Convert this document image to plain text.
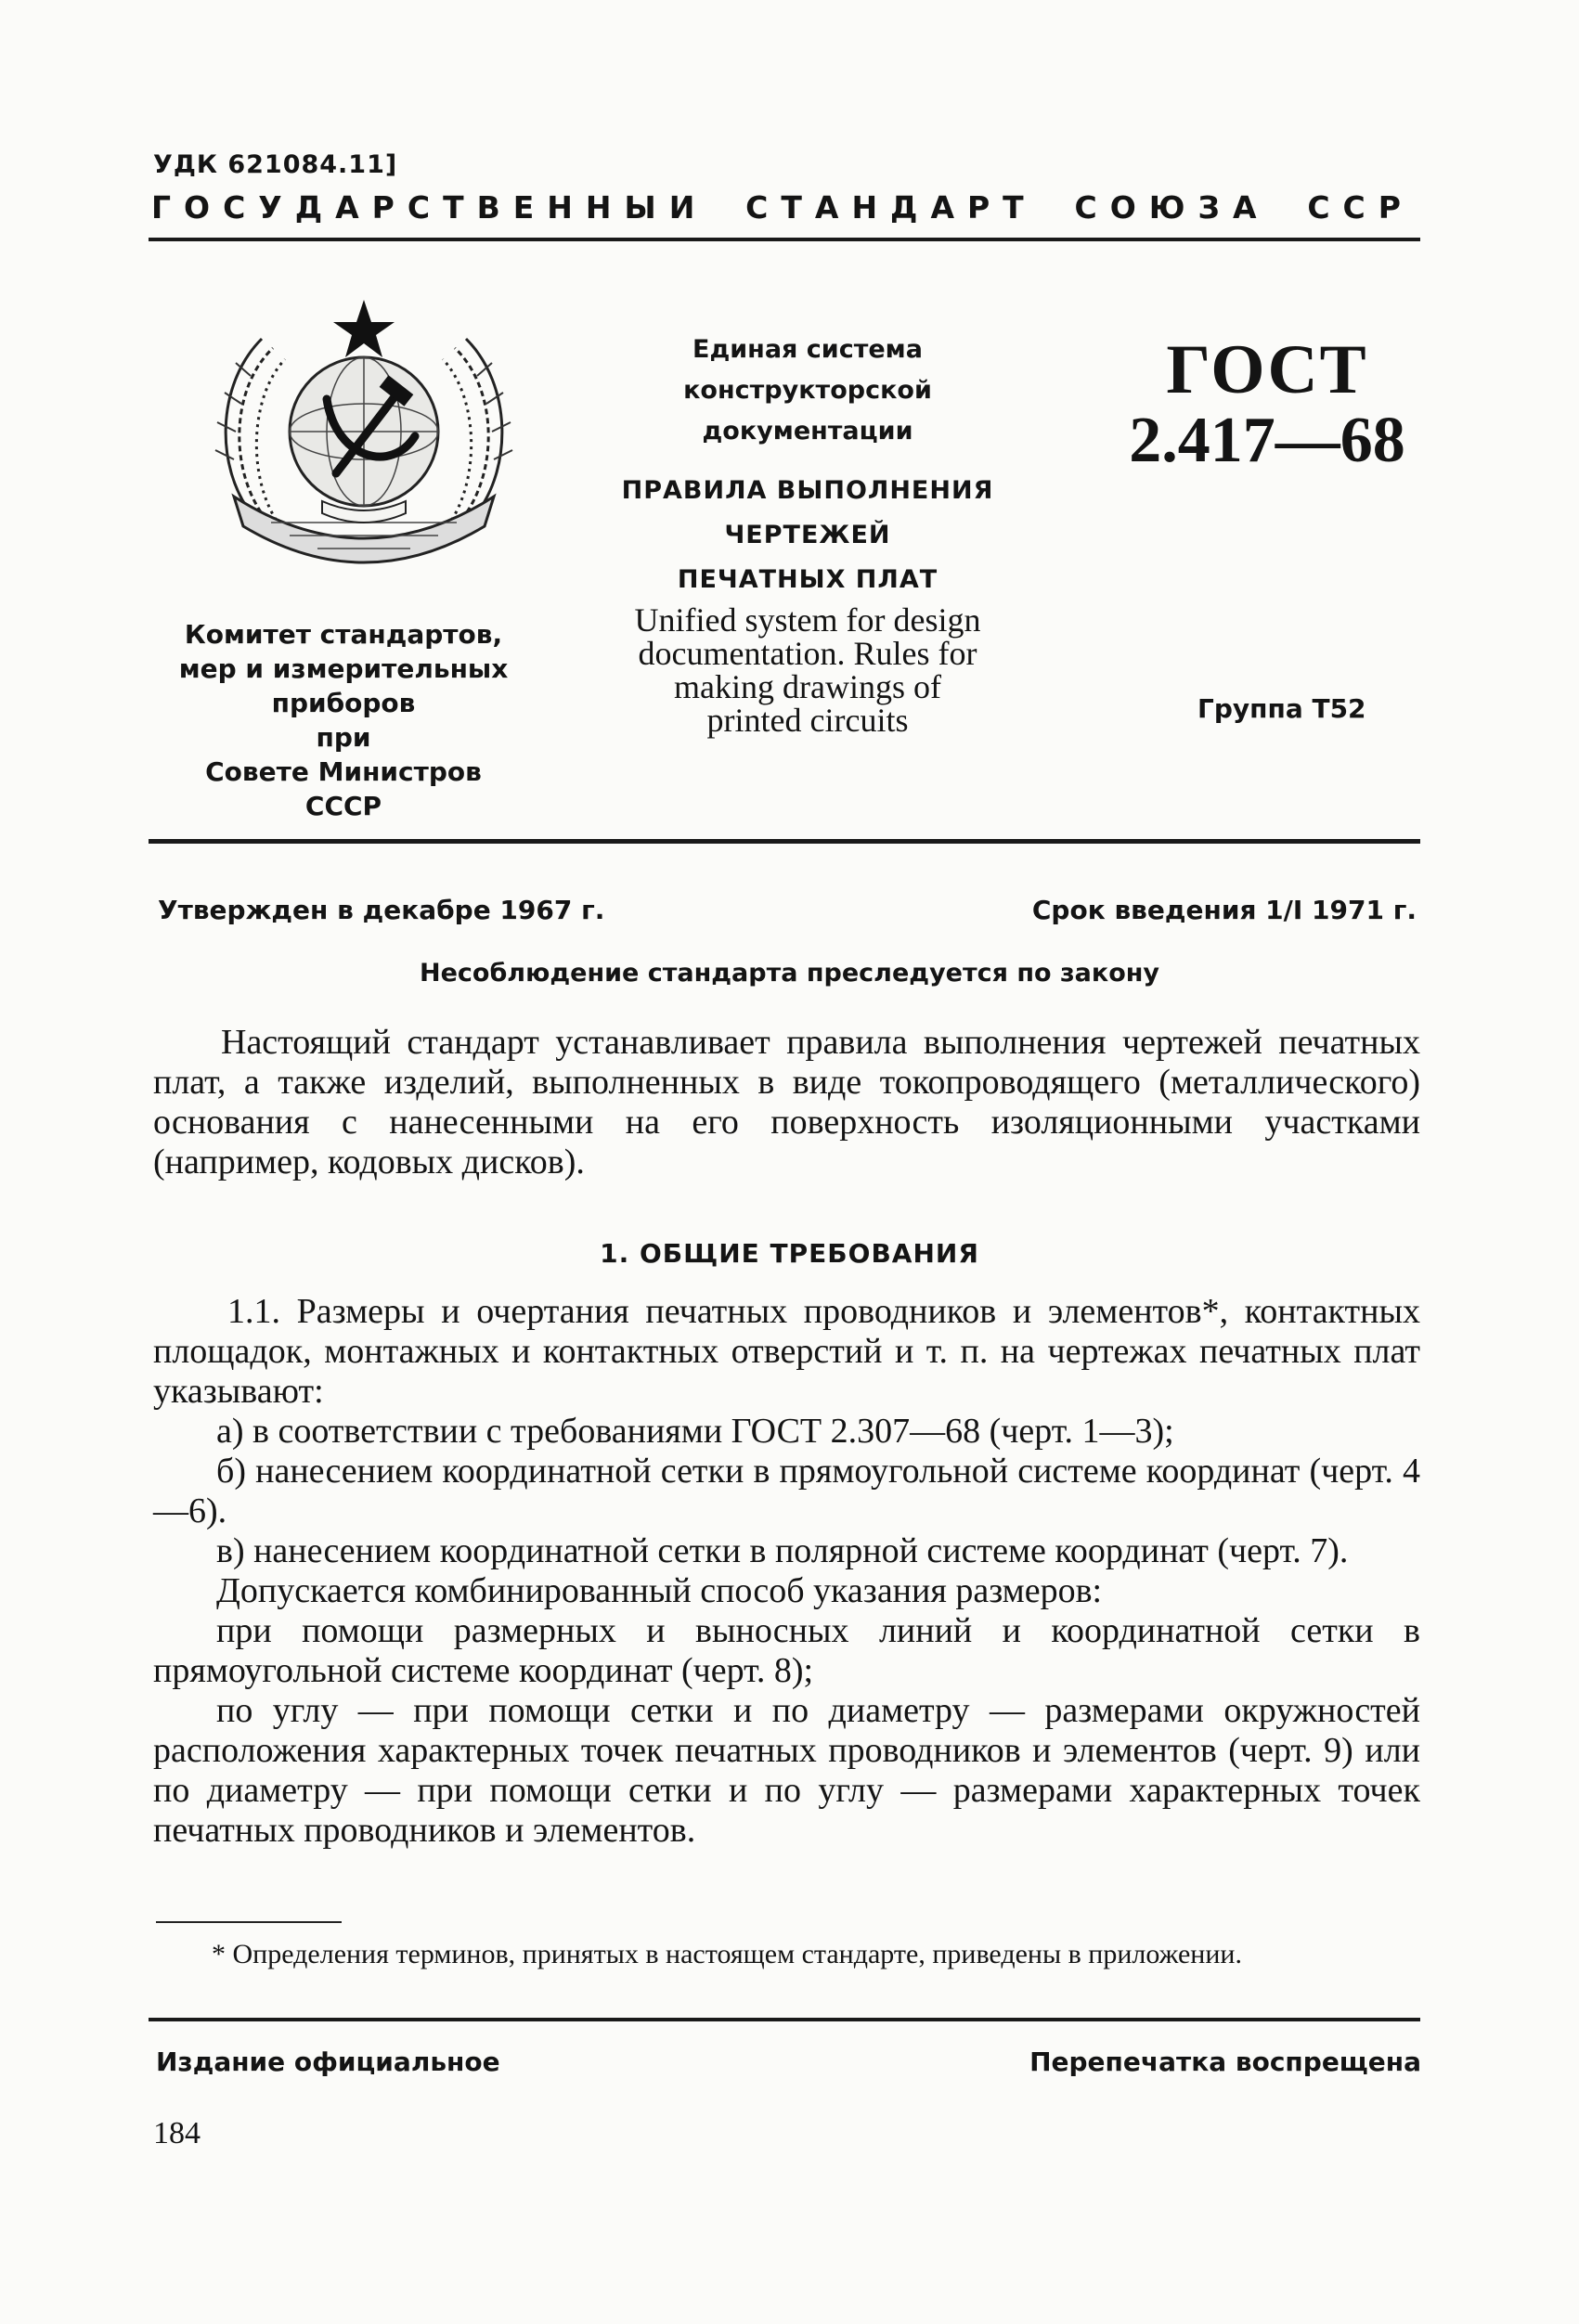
УДК 621084.11]
ГОСУДАРСТВЕННЫИ СТАНДАРТ СОЮЗА ССР
Единая система
конструкторской
документации
ПРАВИЛА ВЫПОЛНЕНИЯ
ЧЕРТЕЖЕЙ
ПЕЧАТНЫХ ПЛАТ
Unified system for design
documentation. Rules for
making drawings of
printed circuits
ГОСТ
2.417—68
Группа Т52
Комитет стандартов,
мер и измерительных
приборов
при
Совете Министров
СССР
Утвержден в декабре 1967 г.	Срок введения 1/I 1971 г.
Несоблюдение стандарта преследуется по закону
Настоящий стандарт устанавливает правила выполнения чертежей печатных плат, а также изделий, выполненных в виде токопроводящего (металлического) основания с нанесенными на его поверхность изоляционными участками (например, кодовых дисков).
1. ОБЩИЕ ТРЕБОВАНИЯ

1.1. Размеры и очертания печатных проводников и элементов*, контактных площадок, монтажных и контактных отверстий и т. п. на чертежах печатных плат указывают:

а) в соответствии с требованиями ГОСТ 2.307—68 (черт. 1—3);

б) нанесением координатной сетки в прямоугольной системе координат (черт. 4—6).

в) нанесением координатной сетки в полярной системе координат (черт. 7).

Допускается комбинированный способ указания размеров:

при помощи размерных и выносных линий и координатной сетки в прямоугольной системе координат (черт. 8);

по углу — при помощи сетки и по диаметру — размерами окружностей расположения характерных точек печатных проводников и элементов (черт. 9) или по диаметру — при помощи сетки и по углу — размерами характерных точек печатных проводников и элементов.

* Определения терминов, принятых в настоящем стандарте, приведены в приложении.
Издание официальное	Перепечатка воспрещена
184
